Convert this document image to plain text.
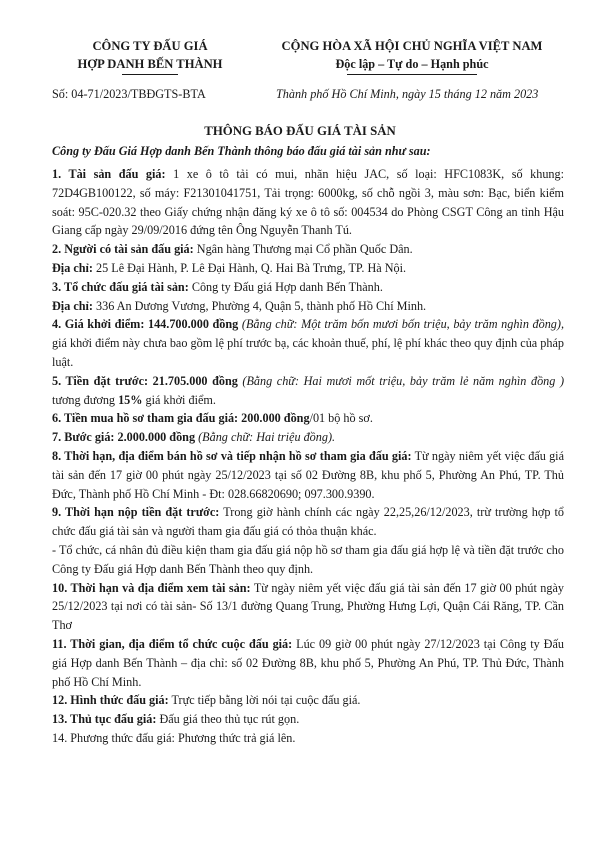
CÔNG TY ĐẤU GIÁ
HỢP DANH BẾN THÀNH
CỘNG HÒA XÃ HỘI CHỦ NGHĨA VIỆT NAM
Độc lập – Tự do – Hạnh phúc
Số: 04-71/2023/TBĐGTS-BTA	Thành phố Hồ Chí Minh, ngày 15 tháng 12 năm 2023
THÔNG BÁO ĐẤU GIÁ TÀI SẢN
Công ty Đấu Giá Hợp danh Bến Thành thông báo đấu giá tài sản như sau:

1. Tài sản đấu giá: 1 xe ô tô tải có mui, nhãn hiệu JAC, số loại: HFC1083K, số khung: 72D4GB100122, số máy: F21301041751, Tải trọng: 6000kg, số chỗ ngồi 3, màu sơn: Bạc, biển kiểm soát: 95C-020.32 theo Giấy chứng nhận đăng ký xe ô tô số: 004534 do Phòng CSGT Công an tỉnh Hậu Giang cấp ngày 29/09/2016 đứng tên Ông Nguyễn Thanh Tú.

2. Người có tài sản đấu giá: Ngân hàng Thương mại Cổ phần Quốc Dân.

Địa chỉ: 25 Lê Đại Hành, P. Lê Đại Hành, Q. Hai Bà Trưng, TP. Hà Nội.

3. Tổ chức đấu giá tài sản: Công ty Đấu giá Hợp danh Bến Thành.

Địa chỉ: 336 An Dương Vương, Phường 4, Quận 5, thành phố Hồ Chí Minh.

4. Giá khởi điểm: 144.700.000 đồng (Bằng chữ: Một trăm bốn mươi bốn triệu, bảy trăm nghìn đồng), giá khởi điểm này chưa bao gồm lệ phí trước bạ, các khoản thuế, phí, lệ phí khác theo quy định của pháp luật.

5. Tiền đặt trước: 21.705.000 đồng (Bằng chữ: Hai mươi mốt triệu, bảy trăm lẻ năm nghìn đồng ) tương đương 15% giá khởi điểm.

6. Tiền mua hồ sơ tham gia đấu giá: 200.000 đồng/01 bộ hồ sơ.

7. Bước giá: 2.000.000 đồng (Bằng chữ: Hai triệu đồng).

8. Thời hạn, địa điểm bán hồ sơ và tiếp nhận hồ sơ tham gia đấu giá: Từ ngày niêm yết việc đấu giá tài sản đến 17 giờ 00 phút ngày 25/12/2023 tại số 02 Đường 8B, khu phố 5, Phường An Phú, TP. Thủ Đức, Thành phố Hồ Chí Minh - Đt: 028.66820690; 097.300.9390.

9. Thời hạn nộp tiền đặt trước: Trong giờ hành chính các ngày 22,25,26/12/2023, trừ trường hợp tổ chức đấu giá tài sản và người tham gia đấu giá có thỏa thuận khác.

- Tổ chức, cá nhân đủ điều kiện tham gia đấu giá nộp hồ sơ tham gia đấu giá hợp lệ và tiền đặt trước cho Công ty Đấu giá Hợp danh Bến Thành theo quy định.

10. Thời hạn và địa điểm xem tài sản: Từ ngày niêm yết việc đấu giá tài sản đến 17 giờ 00 phút ngày 25/12/2023 tại nơi có tài sản- Số 13/1 đường Quang Trung, Phường Hưng Lợi, Quận Cái Răng, TP. Cần Thơ

11. Thời gian, địa điểm tổ chức cuộc đấu giá: Lúc 09 giờ 00 phút ngày 27/12/2023 tại Công ty Đấu giá Hợp danh Bến Thành – địa chỉ: số 02 Đường 8B, khu phố 5, Phường An Phú, TP. Thủ Đức, Thành phố Hồ Chí Minh.

12. Hình thức đấu giá: Trực tiếp bằng lời nói tại cuộc đấu giá.

13. Thủ tục đấu giá: Đấu giá theo thủ tục rút gọn.

14. Phương thức đấu giá: Phương thức trả giá lên.
